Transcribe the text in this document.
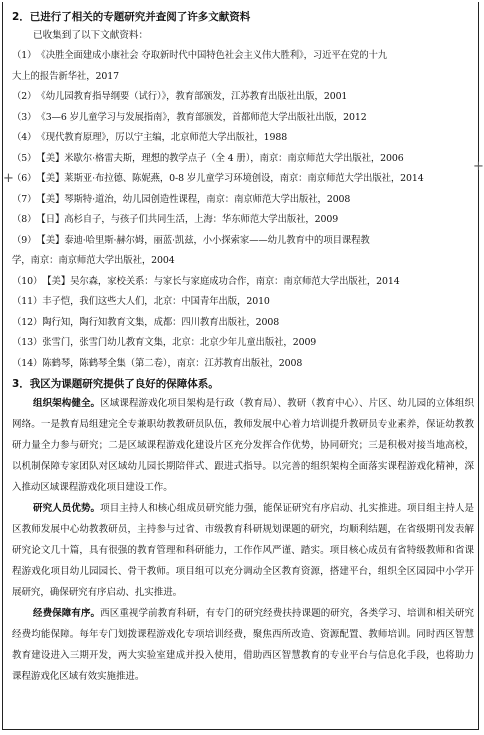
+
+
2．已进行了相关的专题研究并查阅了许多文献资料
已收集到了以下文献资料：
（1）《决胜全面建成小康社会 夺取新时代中国特色社会主义伟大胜利》，习近平在党的十九
大上的报告新华社，2017
（2）《幼儿园教育指导纲要（试行）》，教育部颁发，江苏教育出版社出版，2001
（3）《3—6 岁儿童学习与发展指南》，教育部颁发，首都师范大学出版社出版，2012
（4）《现代教育原理》，厉以宁主编，北京师范大学出版社，1988
（5）【美】米歇尔·格雷夫斯，理想的教学点子（全 4 册），南京：南京师范大学出版社，2006
（6）【美】莱斯亚·布拉德、陈妮燕，0-8 岁儿童学习环境创设，南京：南京师范大学出版社，2014
（7）【美】琴斯特·道治，幼儿园创造性课程，南京：南京师范大学出版社，2008
（8）【日】高杉自子，与孩子们共同生活，上海：华东师范大学出版社，2009
（9）【美】泰迪·哈里斯·赫尔姆，丽蓝·凯兹，小小探索家——幼儿教育中的项目课程教
学，南京：南京师范大学出版社，2004
（10）【美】吴尔森，家校关系：与家长与家庭成功合作，南京：南京师范大学出版社，2014
（11）丰子恺，我们这些大人们，北京：中国青年出版，2010
（12）陶行知，陶行知教育文集，成都：四川教育出版社，2008
（13）张雪门，张雪门幼儿教育文集，北京：北京少年儿童出版社，2009
（14）陈鹤琴，陈鹤琴全集（第二卷），南京：江苏教育出版社，2008
3．我区为课题研究提供了良好的保障体系。

组织架构健全。区域课程游戏化项目架构是行政（教育局）、教研（教育中心）、片区、幼儿园的立体组织网络。一是教育局组建完全专兼职幼教教研员队伍，教师发展中心着力培训提升教研员专业素养，保证幼教教研力量全力参与研究；二是区域课程游戏化建设片区充分发挥合作优势，协同研究；三是积极对接当地高校，以机制保障专家团队对区域幼儿园长期陪伴式、跟进式指导。以完善的组织架构全面落实课程游戏化精神，深入推动区域课程游戏化项目建设工作。

研究人员优势。项目主持人和核心组成员研究能力强，能保证研究有序启动、扎实推进。项目组主持人是区教师发展中心幼教教研员，主持参与过省、市级教育科研规划课题的研究，均顺利结题，在省级期刊发表解研究论文几十篇，具有很强的教育管理和科研能力，工作作风严谨、踏实。项目核心成员有省特级教师和省课程游戏化项目幼儿园园长、骨干教师。项目组可以充分调动全区教育资源，搭建平台，组织全区园园中小学开展研究，确保研究有序启动、扎实推进。

经费保障有序。西区重视学前教育科研，有专门的研究经费扶持课题的研究，各类学习、培训和相关研究经费均能保障。每年专门划拨课程游戏化专项培训经费，聚焦西所改造、资源配置、教师培训。同时西区智慧教育建设进入三期开发，两大实验室建成并投入使用，借助西区智慧教育的专业平台与信息化手段，也将助力课程游戏化区域有效实施推进。
